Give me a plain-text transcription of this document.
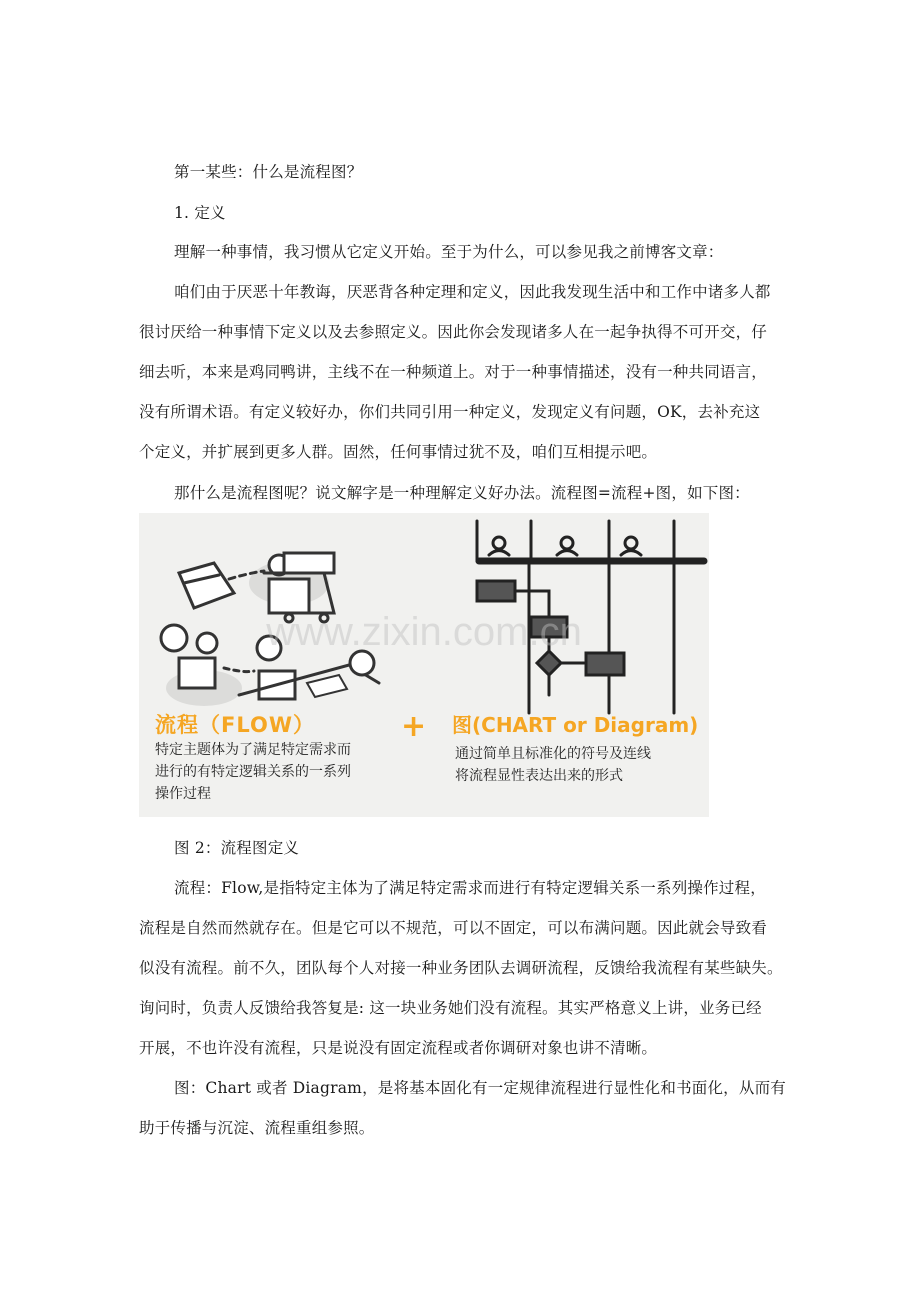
第一某些：什么是流程图？
1. 定义
理解一种事情，我习惯从它定义开始。至于为什么，可以参见我之前博客文章：
咱们由于厌恶十年教诲，厌恶背各种定理和定义，因此我发现生活中和工作中诸多人都
很讨厌给一种事情下定义以及去参照定义。因此你会发现诸多人在一起争执得不可开交，仔
细去听，本来是鸡同鸭讲，主线不在一种频道上。对于一种事情描述，没有一种共同语言，
没有所谓术语。有定义较好办，你们共同引用一种定义，发现定义有问题，OK，去补充这
个定义，并扩展到更多人群。固然，任何事情过犹不及，咱们互相提示吧。
那什么是流程图呢？说文解字是一种理解定义好办法。流程图=流程+图，如下图：
www.zixin.com.cn
流程（FLOW）
特定主题体为了满足特定需求而
进行的有特定逻辑关系的一系列
操作过程
+ 图(CHART or Diagram)
通过简单且标准化的符号及连线
将流程显性表达出来的形式
图 2：流程图定义
流程：Flow,是指特定主体为了满足特定需求而进行有特定逻辑关系一系列操作过程，
流程是自然而然就存在。但是它可以不规范，可以不固定，可以布满问题。因此就会导致看
似没有流程。前不久，团队每个人对接一种业务团队去调研流程，反馈给我流程有某些缺失。
询问时，负责人反馈给我答复是: 这一块业务她们没有流程。其实严格意义上讲，业务已经
开展，不也许没有流程，只是说没有固定流程或者你调研对象也讲不清晰。
图：Chart 或者 Diagram，是将基本固化有一定规律流程进行显性化和书面化，从而有
助于传播与沉淀、流程重组参照。
